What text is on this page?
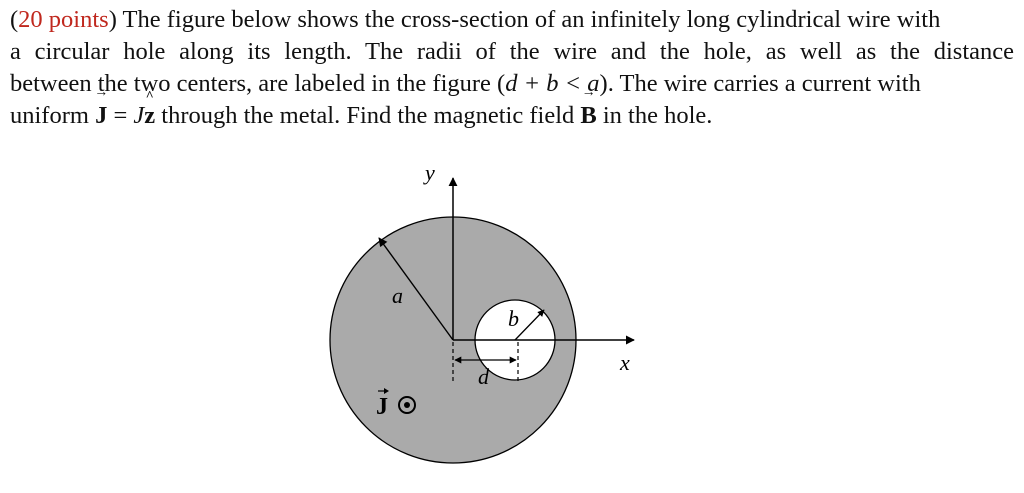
(20 points) The figure below shows the cross-section of an infinitely long cylindrical wire with
a circular hole along its length. The radii of the wire and the hole, as well as the distance
between the two centers, are labeled in the figure (d + b < a). The wire carries a current with
uniform → J = J^ z through the metal. Find the magnetic field → B in the hole.
y
x
a
b
d
J
